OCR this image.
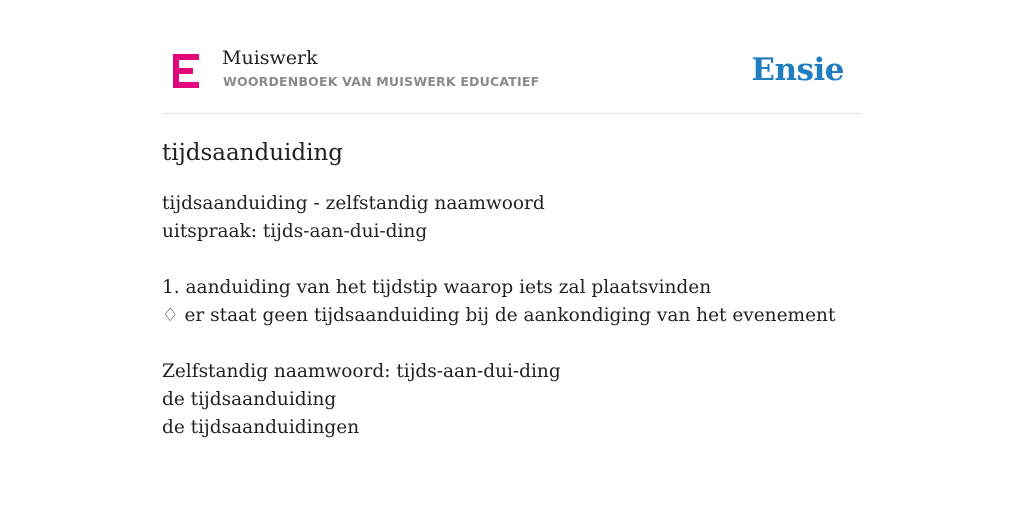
Muiswerk
WOORDENBOEK VAN MUISWERK EDUCATIEF	Ensie
tijdsaanduiding
tijdsaanduiding - zelfstandig naamwoord
uitspraak: tijds-aan-dui-ding
1. aanduiding van het tijdstip waarop iets zal plaatsvinden
♢ er staat geen tijdsaanduiding bij de aankondiging van het evenement
Zelfstandig naamwoord: tijds-aan-dui-ding
de tijdsaanduiding
de tijdsaanduidingen
